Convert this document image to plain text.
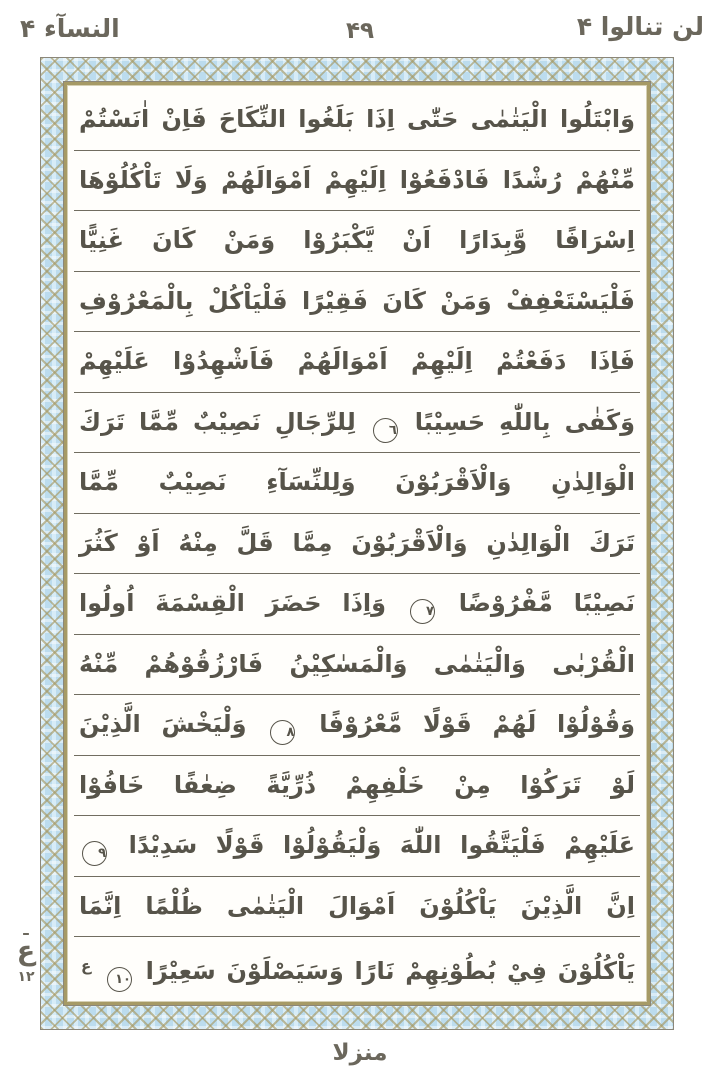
النسآء ۴	۴۹	لن تنالوا ۴
وَابْتَلُوا الْيَتٰمٰى حَتّٰى اِذَا بَلَغُوا النِّكَاحَ فَاِنْ اٰنَسْتُمْ
مِّنْهُمْ رُشْدًا فَادْفَعُوْا اِلَيْهِمْ اَمْوَالَهُمْ وَلَا تَاْكُلُوْهَا
اِسْرَافًا وَّبِدَارًا اَنْ يَّكْبَرُوْا وَمَنْ كَانَ غَنِيًّا
فَلْيَسْتَعْفِفْ وَمَنْ كَانَ فَقِيْرًا فَلْيَاْكُلْ بِالْمَعْرُوْفِ
فَاِذَا دَفَعْتُمْ اِلَيْهِمْ اَمْوَالَهُمْ فَاَشْهِدُوْا عَلَيْهِمْ
وَكَفٰى بِاللّٰهِ حَسِيْبًا ٦ لِلرِّجَالِ نَصِيْبٌ مِّمَّا تَرَكَ
الْوَالِدٰنِ وَالْاَقْرَبُوْنَ وَلِلنِّسَآءِ نَصِيْبٌ مِّمَّا
تَرَكَ الْوَالِدٰنِ وَالْاَقْرَبُوْنَ مِمَّا قَلَّ مِنْهُ اَوْ كَثُرَ
نَصِيْبًا مَّفْرُوْضًا ٧ وَاِذَا حَضَرَ الْقِسْمَةَ اُولُوا
الْقُرْبٰى وَالْيَتٰمٰى وَالْمَسٰكِيْنُ فَارْزُقُوْهُمْ مِّنْهُ
وَقُوْلُوْا لَهُمْ قَوْلًا مَّعْرُوْفًا ٨ وَلْيَخْشَ الَّذِيْنَ
لَوْ تَرَكُوْا مِنْ خَلْفِهِمْ ذُرِّيَّةً ضِعٰفًا خَافُوْا
عَلَيْهِمْ فَلْيَتَّقُوا اللّٰهَ وَلْيَقُوْلُوْا قَوْلًا سَدِيْدًا ٩
اِنَّ الَّذِيْنَ يَاْكُلُوْنَ اَمْوَالَ الْيَتٰمٰى ظُلْمًا اِنَّمَا
يَاْكُلُوْنَ فِيْ بُطُوْنِهِمْ نَارًا وَسَيَصْلَوْنَ سَعِيْرًا ١٠ ع
ـ
ع
۱۲
منزلا
